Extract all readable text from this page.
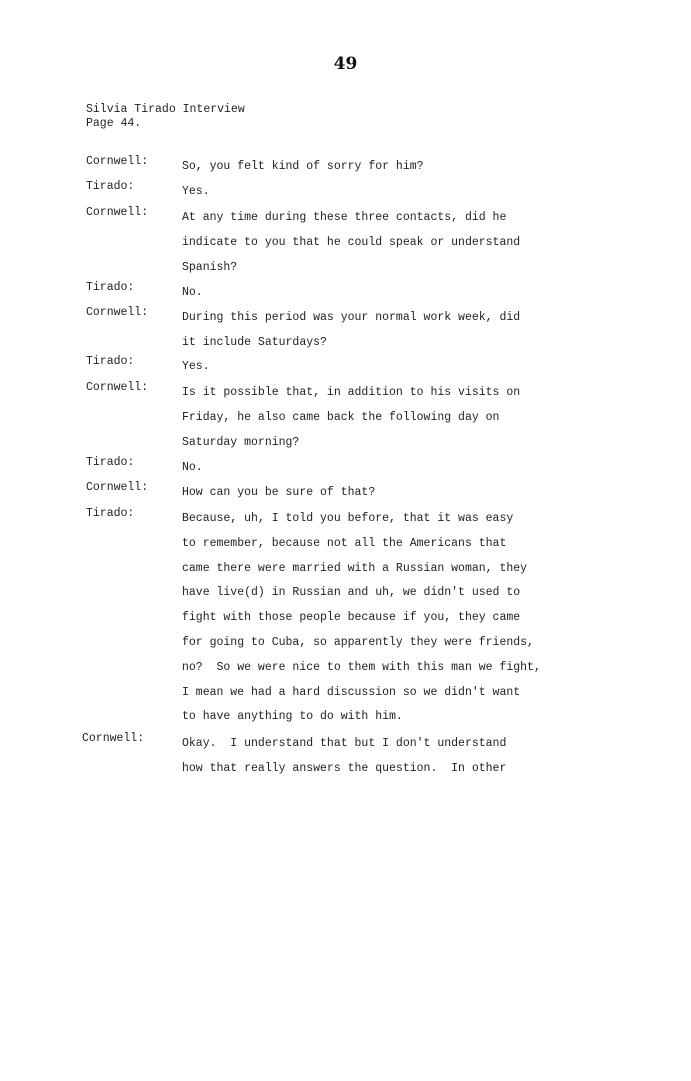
49
Silvia Tirado Interview
Page 44.
Cornwell:	So, you felt kind of sorry for him?
Tirado:	Yes.
Cornwell:	At any time during these three contacts, did he
indicate to you that he could speak or understand
Spanish?
Tirado:	No.
Cornwell:	During this period was your normal work week, did
it include Saturdays?
Tirado:	Yes.
Cornwell:	Is it possible that, in addition to his visits on
Friday, he also came back the following day on
Saturday morning?
Tirado:	No.
Cornwell:	How can you be sure of that?
Tirado:	Because, uh, I told you before, that it was easy
to remember, because not all the Americans that
came there were married with a Russian woman, they
have live(d) in Russian and uh, we didn't used to
fight with those people because if you, they came
for going to Cuba, so apparently they were friends,
no?  So we were nice to them with this man we fight,
I mean we had a hard discussion so we didn't want
to have anything to do with him.
Cornwell:	Okay.  I understand that but I don't understand
how that really answers the question.  In other
